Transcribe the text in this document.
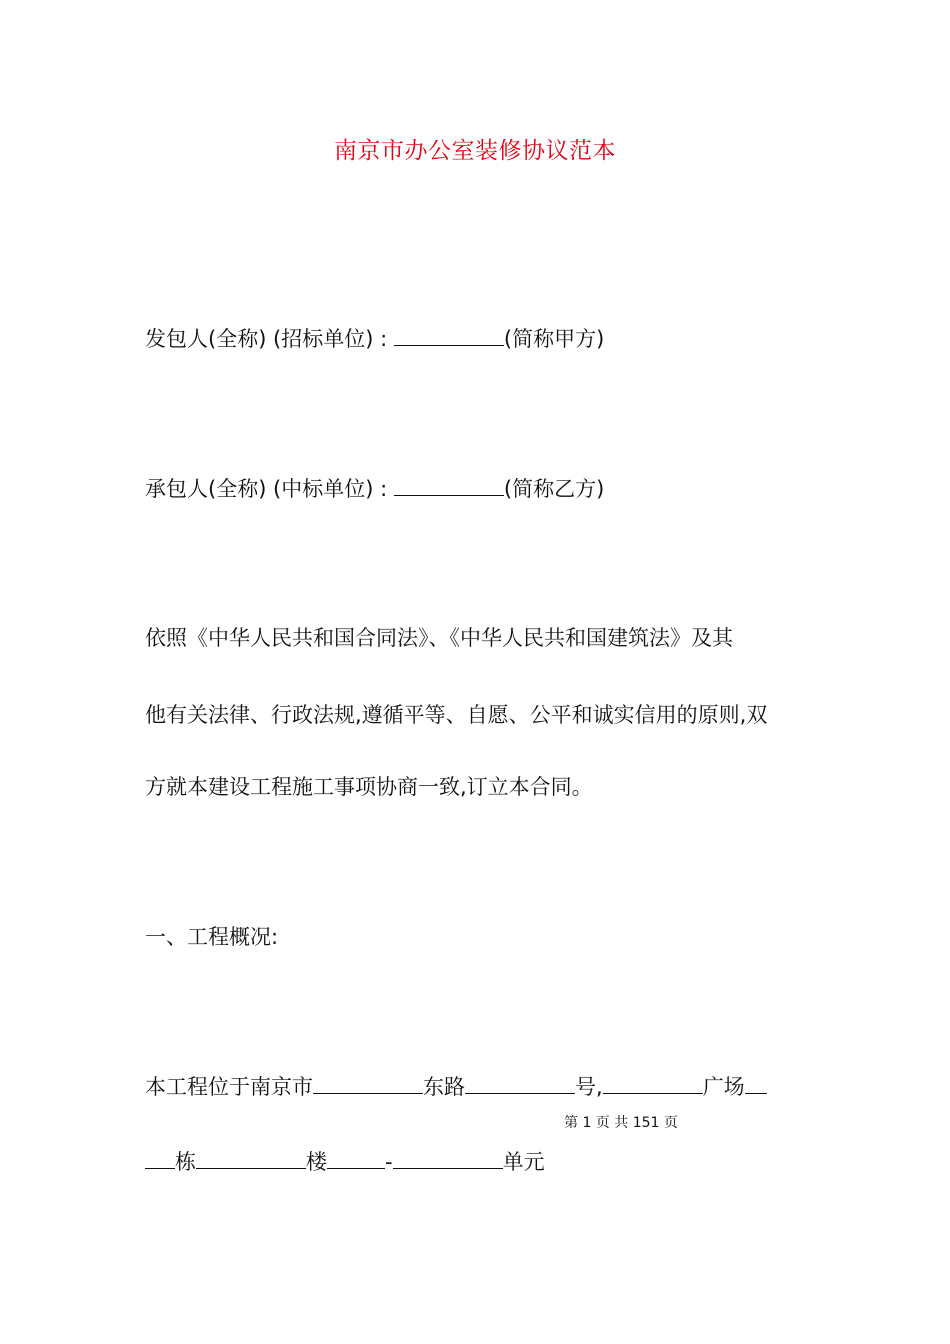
南京市办公室装修协议范本
发包人(全称) (招标单位) :	(简称甲方)
承包人(全称) (中标单位) :	(简称乙方)
依照《中华人民共和国合同法》、《中华人民共和国建筑法》及其
他有关法律、行政法规,遵循平等、自愿、公平和诚实信用的原则,双
方就本建设工程施工事项协商一致,订立本合同。
一、工程概况:
本工程位于南京市	东路	号,	广场
第 1 页 共 151 页
栋	楼	-	单元
